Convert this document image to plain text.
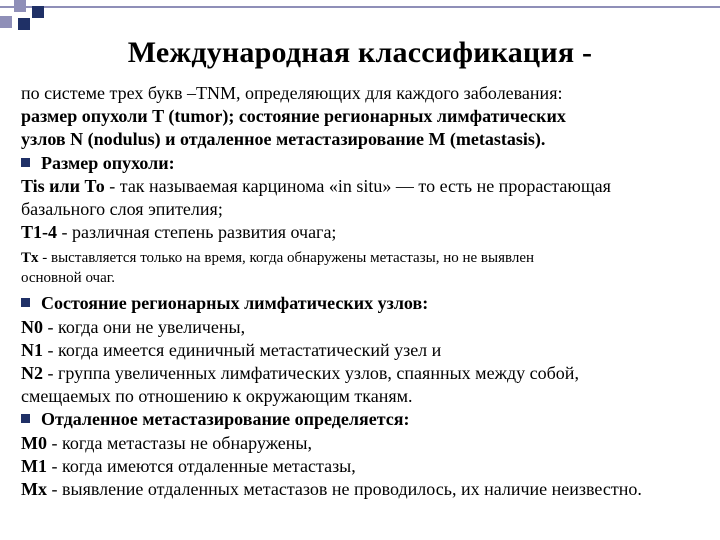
Международная классификация -
по системе трех букв –TNM, определяющих для каждого заболевания:
размер опухоли T (tumor); состояние регионарных лимфатических
узлов N (nodulus) и отдаленное метастазирование M (metastasis).
Размер опухоли:
Tis или То - так называемая карцинома «in situ» — то есть не прорастающая
базального слоя эпителия;
Т1-4 - различная степень развития очага;
Tx - выставляется только на время, когда обнаружены метастазы, но не выявлен
основной очаг.
Состояние регионарных лимфатических узлов:
N0 - когда они не увеличены,
N1 - когда имеется единичный метастатический узел и
N2 - группа увеличенных лимфатических узлов, спаянных между собой,
смещаемых по отношению к окружающим тканям.
Отдаленное метастазирование определяется:
M0 - когда метастазы не обнаружены,
M1 - когда имеются отдаленные метастазы,
Mx - выявление отдаленных метастазов не проводилось, их наличие неизвестно.
